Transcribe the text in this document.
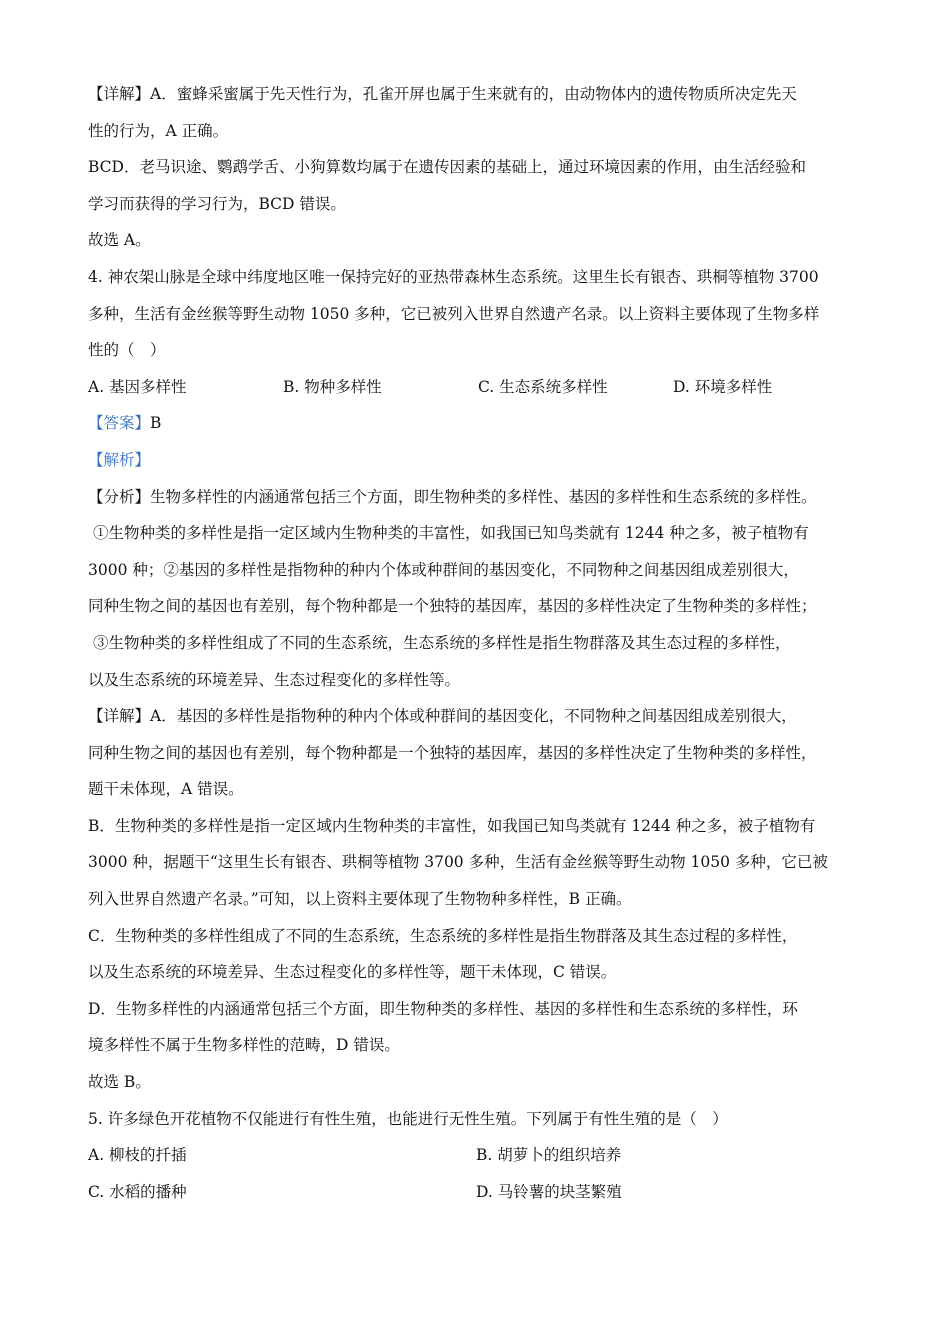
【详解】A．蜜蜂采蜜属于先天性行为，孔雀开屏也属于生来就有的，由动物体内的遗传物质所决定先天
性的行为，A 正确。
BCD．老马识途、鹦鹉学舌、小狗算数均属于在遗传因素的基础上，通过环境因素的作用，由生活经验和
学习而获得的学习行为，BCD 错误。
故选 A。
4. 神农架山脉是全球中纬度地区唯一保持完好的亚热带森林生态系统。这里生长有银杏、珙桐等植物 3700
多种，生活有金丝猴等野生动物 1050 多种，它已被列入世界自然遗产名录。以上资料主要体现了生物多样
性的（　）
A. 基因多样性	B. 物种多样性	C. 生态系统多样性	D. 环境多样性
【答案】B
【解析】
【分析】生物多样性的内涵通常包括三个方面，即生物种类的多样性、基因的多样性和生态系统的多样性。
①生物种类的多样性是指一定区域内生物种类的丰富性，如我国已知鸟类就有 1244 种之多，被子植物有
3000 种；②基因的多样性是指物种的种内个体或种群间的基因变化，不同物种之间基因组成差别很大，
同种生物之间的基因也有差别，每个物种都是一个独特的基因库，基因的多样性决定了生物种类的多样性；
③生物种类的多样性组成了不同的生态系统，生态系统的多样性是指生物群落及其生态过程的多样性，
以及生态系统的环境差异、生态过程变化的多样性等。
【详解】A．基因的多样性是指物种的种内个体或种群间的基因变化，不同物种之间基因组成差别很大，
同种生物之间的基因也有差别，每个物种都是一个独特的基因库，基因的多样性决定了生物种类的多样性，
题干未体现，A 错误。
B．生物种类的多样性是指一定区域内生物种类的丰富性，如我国已知鸟类就有 1244 种之多，被子植物有
3000 种，据题干“这里生长有银杏、珙桐等植物 3700 多种，生活有金丝猴等野生动物 1050 多种，它已被
列入世界自然遗产名录。”可知，以上资料主要体现了生物物种多样性，B 正确。
C．生物种类的多样性组成了不同的生态系统，生态系统的多样性是指生物群落及其生态过程的多样性，
以及生态系统的环境差异、生态过程变化的多样性等，题干未体现，C 错误。
D．生物多样性的内涵通常包括三个方面，即生物种类的多样性、基因的多样性和生态系统的多样性，环
境多样性不属于生物多样性的范畴，D 错误。
故选 B。
5. 许多绿色开花植物不仅能进行有性生殖，也能进行无性生殖。下列属于有性生殖的是（　）
A. 柳枝的扦插	B. 胡萝卜的组织培养
C. 水稻的播种	D. 马铃薯的块茎繁殖
